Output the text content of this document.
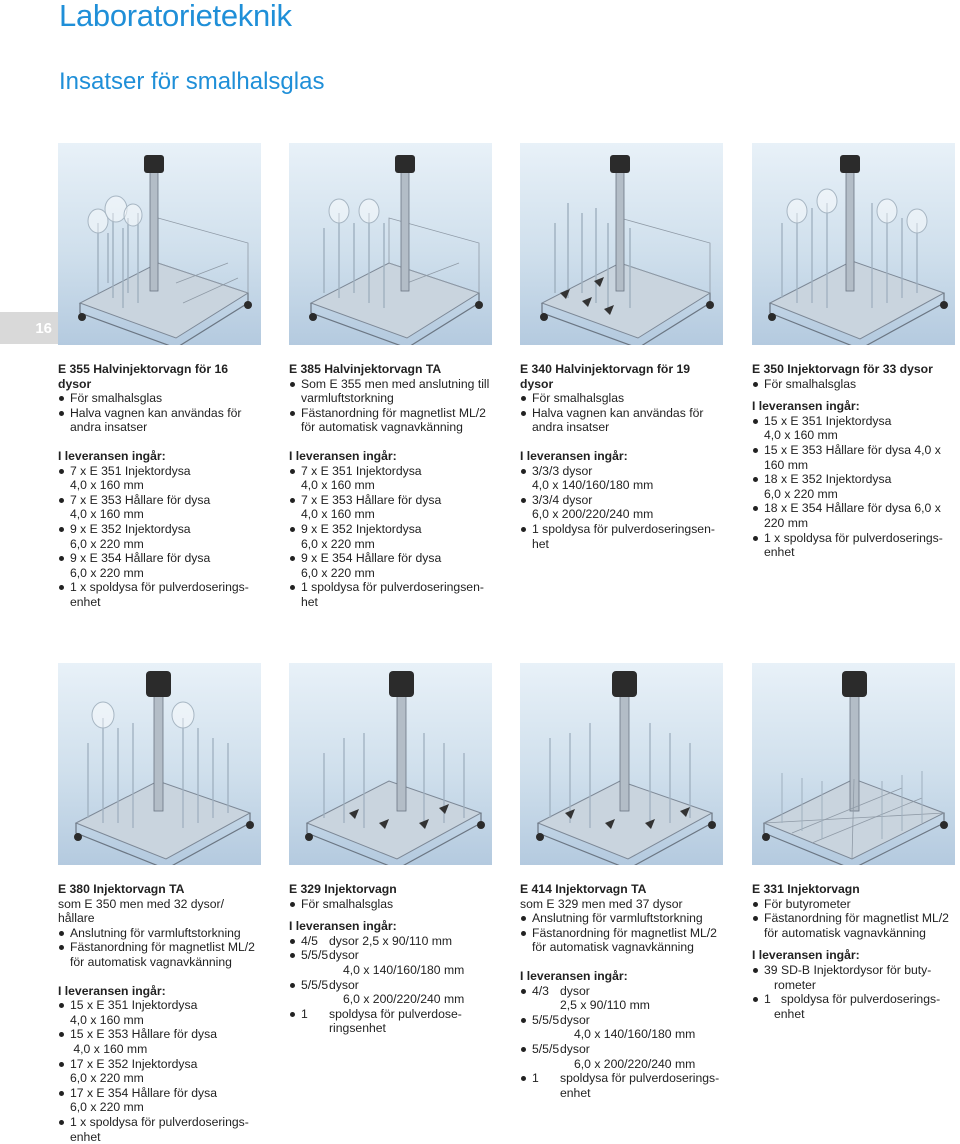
Laboratorieteknik
Insatser för smalhalsglas
16
E 355 Halvinjektorvagn för 16
dysor
För smalhalsglas
Halva vagnen kan användas för
andra insatser
I leveransen ingår:
7 x E 351 Injektordysa
4,0 x 160 mm
7 x E 353 Hållare för dysa
4,0 x 160 mm
9 x E 352 Injektordysa
6,0 x 220 mm
9 x E 354 Hållare för dysa
6,0 x 220 mm
1 x spoldysa för pulverdoserings-
enhet
E 385 Halvinjektorvagn TA
Som E 355 men med anslutning till
varmluftstorkning
Fästanordning för magnetlist ML/2
för automatisk vagnavkänning
I leveransen ingår:
7 x E 351 Injektordysa
4,0 x 160 mm
7 x E 353 Hållare för dysa
4,0 x 160 mm
9 x E 352 Injektordysa
6,0 x 220 mm
9 x E 354 Hållare för dysa
6,0 x 220 mm
1 spoldysa för pulverdoseringsen-
het
E 340 Halvinjektorvagn för 19
dysor
För smalhalsglas
Halva vagnen kan användas för
andra insatser
I leveransen ingår:
3/3/3 dysor
4,0 x 140/160/180 mm
3/3/4 dysor
6,0 x 200/220/240 mm
1 spoldysa för pulverdoseringsen-
het
E 350 Injektorvagn för 33 dysor
För smalhalsglas
I leveransen ingår:
15 x E 351 Injektordysa
4,0 x 160 mm
15 x E 353 Hållare för dysa 4,0 x
160 mm
18 x E 352 Injektordysa
6,0 x 220 mm
18 x E 354 Hållare för dysa 6,0 x
220 mm
1 x spoldysa för pulverdoserings-
enhet
E 380 Injektorvagn TA
som E 350 men med 32 dysor/
hållare
Anslutning för varmluftstorkning
Fästanordning för magnetlist ML/2
för automatisk vagnavkänning
I leveransen ingår:
15 x E 351 Injektordysa
4,0 x 160 mm
15 x E 353 Hållare för dysa
4,0 x 160 mm
17 x E 352 Injektordysa
6,0 x 220 mm
17 x E 354 Hållare för dysa
6,0 x 220 mm
1 x spoldysa för pulverdoserings-
enhet
E 329 Injektorvagn
För smalhalsglas
I leveransen ingår:
4/5 dysor 2,5 x 90/110 mm
5/5/5dysor
4,0 x 140/160/180 mm
5/5/5dysor
6,0 x 200/220/240 mm
1 spoldysa för pulverdose-
ringsenhet
E 414 Injektorvagn TA
som E 329 men med 37 dysor
Anslutning för varmluftstorkning
Fästanordning för magnetlist ML/2
för automatisk vagnavkänning
I leveransen ingår:
4/3 dysor
2,5 x 90/110 mm
5/5/5dysor
4,0 x 140/160/180 mm
5/5/5dysor
6,0 x 200/220/240 mm
1 spoldysa för pulverdoserings-
enhet
E 331 Injektorvagn
För butyrometer
Fästanordning för magnetlist ML/2
för automatisk vagnavkänning
I leveransen ingår:
39 SD-B Injektordysor för buty-
rometer
1   spoldysa för pulverdoserings-
enhet
